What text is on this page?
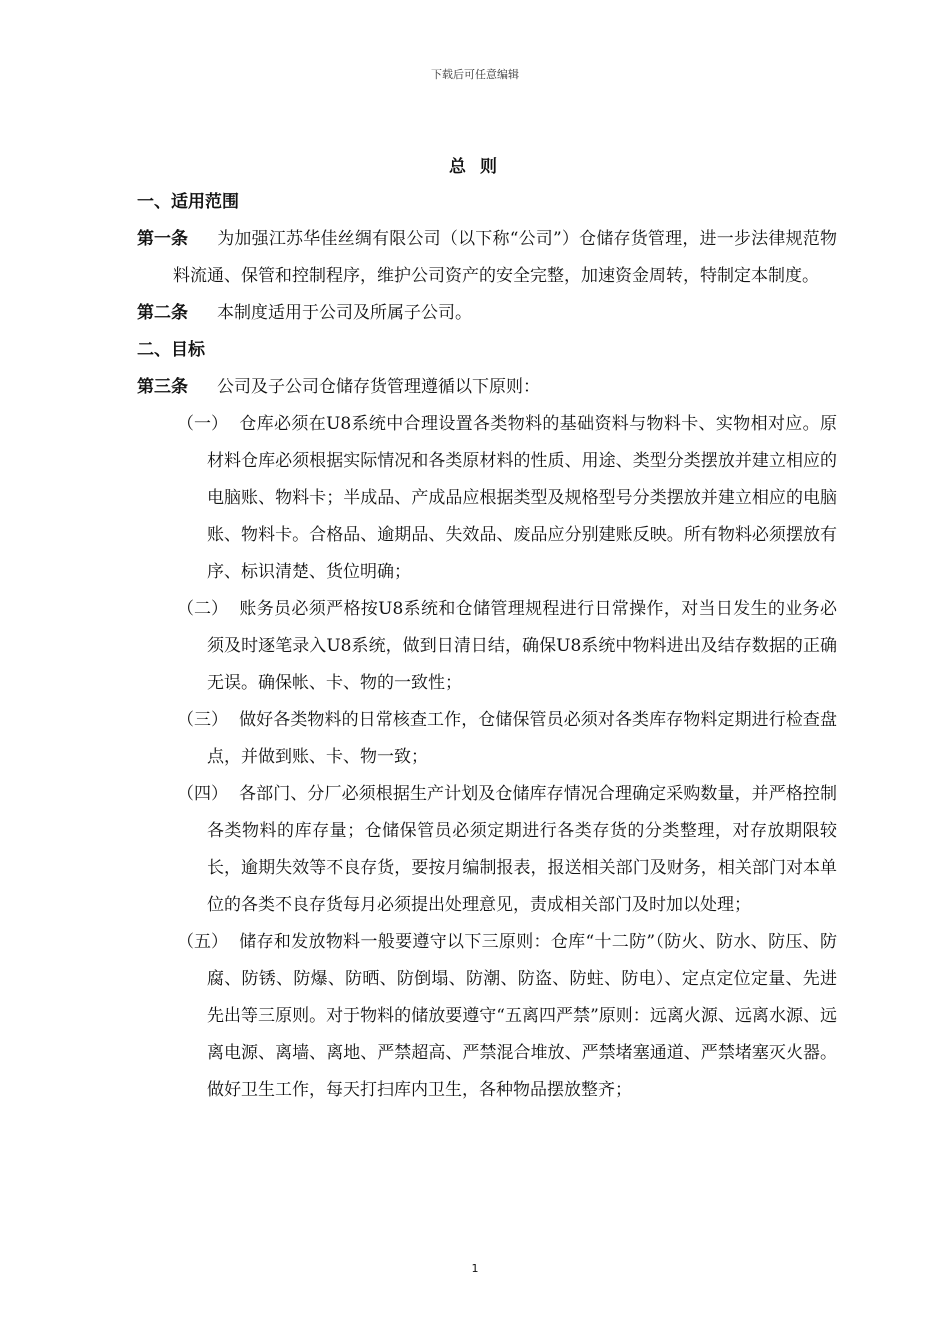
下载后可任意编辑
总 则
一、适用范围
第一条 为加强江苏华佳丝绸有限公司（以下称“公司”）仓储存货管理，进一步法律规范物料流通、保管和控制程序，维护公司资产的安全完整，加速资金周转，特制定本制度。
第二条 本制度适用于公司及所属子公司。
二、目标
第三条 公司及子公司仓储存货管理遵循以下原则：
（一） 仓库必须在U8系统中合理设置各类物料的基础资料与物料卡、实物相对应。原材料仓库必须根据实际情况和各类原材料的性质、用途、类型分类摆放并建立相应的电脑账、物料卡；半成品、产成品应根据类型及规格型号分类摆放并建立相应的电脑账、物料卡。合格品、逾期品、失效品、废品应分别建账反映。所有物料必须摆放有序、标识清楚、货位明确；
（二） 账务员必须严格按U8系统和仓储管理规程进行日常操作，对当日发生的业务必须及时逐笔录入U8系统，做到日清日结，确保U8系统中物料进出及结存数据的正确无误。确保帐、卡、物的一致性；
（三） 做好各类物料的日常核查工作，仓储保管员必须对各类库存物料定期进行检查盘点，并做到账、卡、物一致；
（四） 各部门、分厂必须根据生产计划及仓储库存情况合理确定采购数量，并严格控制各类物料的库存量；仓储保管员必须定期进行各类存货的分类整理，对存放期限较长，逾期失效等不良存货，要按月编制报表，报送相关部门及财务，相关部门对本单位的各类不良存货每月必须提出处理意见，责成相关部门及时加以处理；
（五） 储存和发放物料一般要遵守以下三原则：仓库“十二防”（防火、防水、防压、防腐、防锈、防爆、防晒、防倒塌、防潮、防盗、防蛀、防电）、定点定位定量、先进先出等三原则。对于物料的储放要遵守“五离四严禁”原则：远离火源、远离水源、远离电源、离墙、离地、严禁超高、严禁混合堆放、严禁堵塞通道、严禁堵塞灭火器。做好卫生工作，每天打扫库内卫生，各种物品摆放整齐；
1
